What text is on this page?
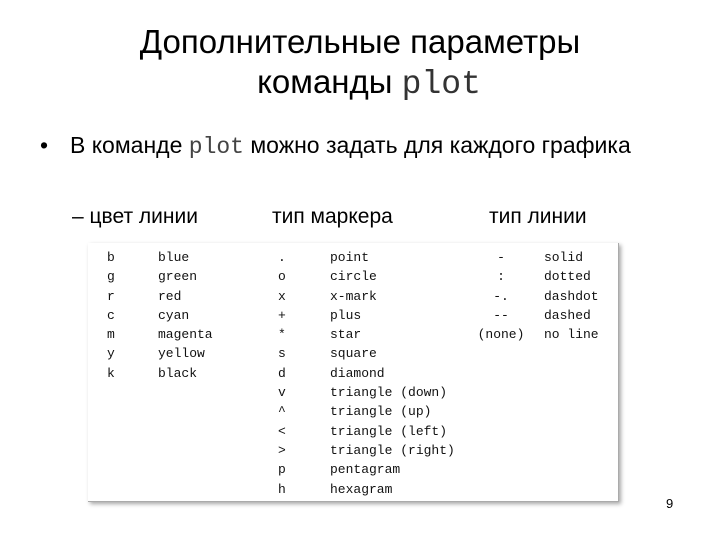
Дополнительные параметры
команды plot
• В команде plot можно задать для каждого графика
– цвет линии	тип маркера	тип линии
b
g
r
c
m
y
k
blue
green
red
cyan
magenta
yellow
black
.
o
x
+
*
s
d
v
^
<
>
p
h
point
circle
x-mark
plus
star
square
diamond
triangle (down)
triangle (up)
triangle (left)
triangle (right)
pentagram
hexagram
-
:
-.
--
(none)
solid
dotted
dashdot
dashed
no line
9
